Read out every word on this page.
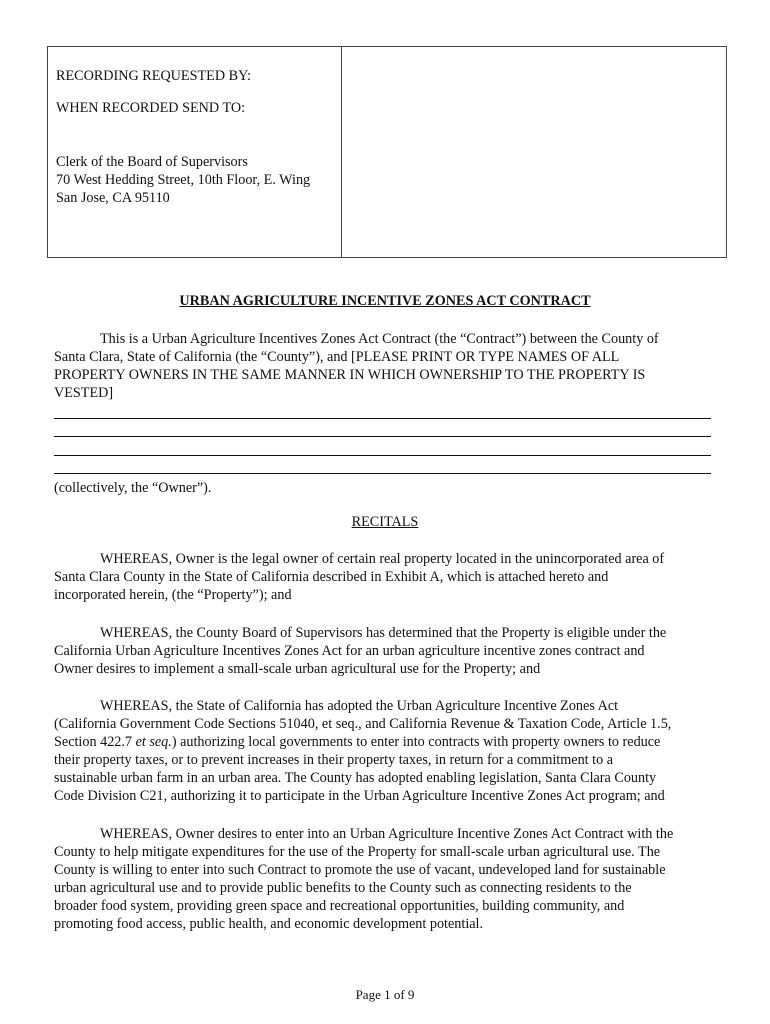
RECORDING REQUESTED BY:
WHEN RECORDED SEND TO:
Clerk of the Board of Supervisors
70 West Hedding Street, 10th Floor, E. Wing
San Jose, CA 95110
URBAN AGRICULTURE INCENTIVE ZONES ACT CONTRACT

This is a Urban Agriculture Incentives Zones Act Contract (the “Contract”) between the County of
Santa Clara, State of California (the “County”), and [PLEASE PRINT OR TYPE NAMES OF ALL
PROPERTY OWNERS IN THE SAME MANNER IN WHICH OWNERSHIP TO THE PROPERTY IS
VESTED]

(collectively, the “Owner”).
RECITALS

WHEREAS, Owner is the legal owner of certain real property located in the unincorporated area of
Santa Clara County in the State of California described in Exhibit A, which is attached hereto and
incorporated herein, (the “Property”); and

WHEREAS, the County Board of Supervisors has determined that the Property is eligible under the
California Urban Agriculture Incentives Zones Act for an urban agriculture incentive zones contract and
Owner desires to implement a small-scale urban agricultural use for the Property; and

WHEREAS, the State of California has adopted the Urban Agriculture Incentive Zones Act
(California Government Code Sections 51040, et seq., and California Revenue & Taxation Code, Article 1.5,
Section 422.7 et seq.) authorizing local governments to enter into contracts with property owners to reduce
their property taxes, or to prevent increases in their property taxes, in return for a commitment to a
sustainable urban farm in an urban area. The County has adopted enabling legislation, Santa Clara County
Code Division C21, authorizing it to participate in the Urban Agriculture Incentive Zones Act program; and

WHEREAS, Owner desires to enter into an Urban Agriculture Incentive Zones Act Contract with the
County to help mitigate expenditures for the use of the Property for small-scale urban agricultural use. The
County is willing to enter into such Contract to promote the use of vacant, undeveloped land for sustainable
urban agricultural use and to provide public benefits to the County such as connecting residents to the
broader food system, providing green space and recreational opportunities, building community, and
promoting food access, public health, and economic development potential.

Page 1 of 9
